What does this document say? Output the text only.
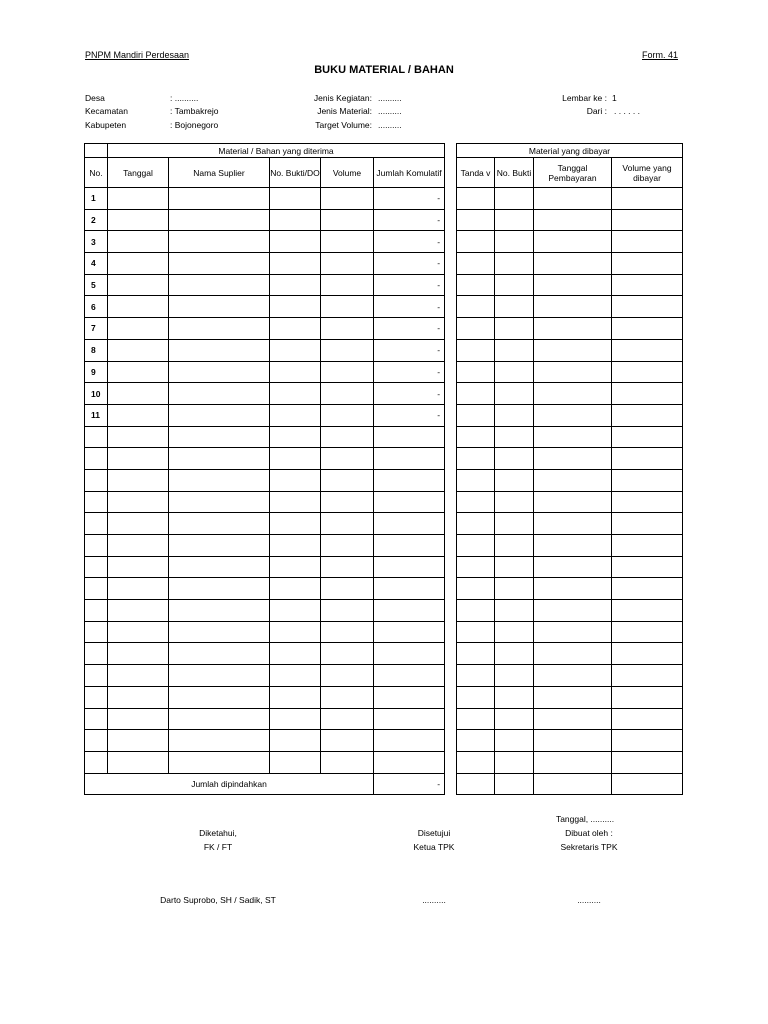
PNPM Mandiri Perdesaan	Form. 41
BUKU MATERIAL / BAHAN
Desa	: ..........
Kecamatan	: Tambakrejo
Kabupeten	: Bojonegoro
Jenis Kegiatan: ..........
Jenis Material: ..........
Target Volume: ..........
Lembar ke : 1
Dari : . . . . . .
	Material / Bahan yang diterima				
No.	Tanggal	Nama Suplier	No. Bukti/DO	Volume	Jumlah Komulatif
1					-
2					-
3					-
4					-
5					-
6					-
7					-
8					-
9					-
10					-
11					-

Jumlah dipindahkan					-
Material yang dibayar			
Tanda v	No. Bukti	Tanggal Pembayaran	Volume yang dibayar

Tanggal, ..........
Diketahui,
FK / FT
Darto Suprobo, SH / Sadik, ST
Disetujui
Ketua TPK
..........
Dibuat oleh :
Sekretaris TPK
..........
